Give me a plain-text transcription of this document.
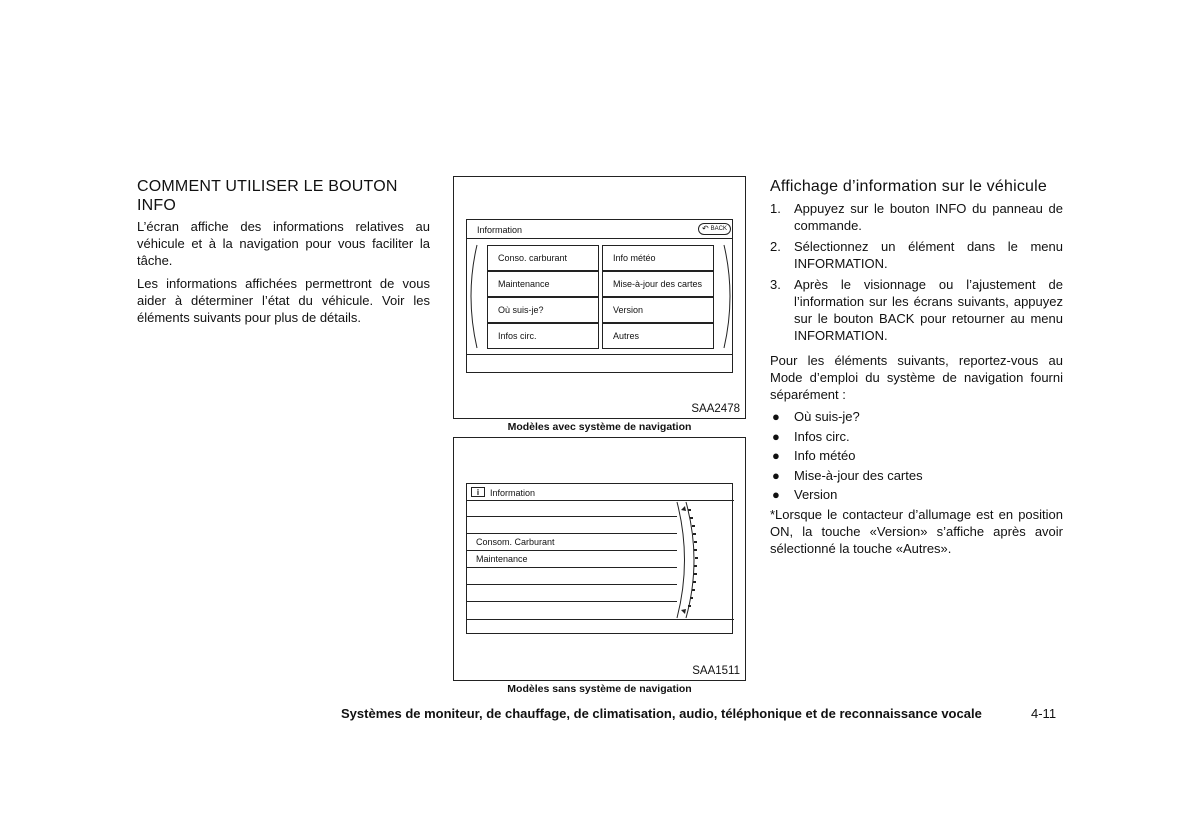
COMMENT UTILISER LE BOUTON INFO
L’écran affiche des informations relatives au véhicule et à la navigation pour vous faciliter la tâche.
Les informations affichées permettront de vous aider à déterminer l’état du véhicule. Voir les éléments suivants pour plus de détails.
Information	↶ BACK
Conso. carburant
Maintenance
Où suis-je?
Infos circ.
Info météo
Mise-à-jour des cartes
Version
Autres
SAA2478
Modèles avec système de navigation
i	Information
Consom. Carburant
Maintenance
SAA1511
Modèles sans système de navigation
Affichage d’information sur le véhicule
1. Appuyez sur le bouton INFO du panneau de commande.
2. Sélectionnez un élément dans le menu INFORMATION.
3. Après le visionnage ou l’ajustement de l’information sur les écrans suivants, appuyez sur le bouton BACK pour retourner au menu INFORMATION.
Pour les éléments suivants, reportez-vous au Mode d’emploi du système de navigation fourni séparément :
● Où suis-je?
● Infos circ.
● Info météo
● Mise-à-jour des cartes
● Version
*Lorsque le contacteur d’allumage est en position ON, la touche «Version» s’affiche après avoir sélectionné la touche «Autres».
Systèmes de moniteur, de chauffage, de climatisation, audio, téléphonique et de reconnaissance vocale	4-11
